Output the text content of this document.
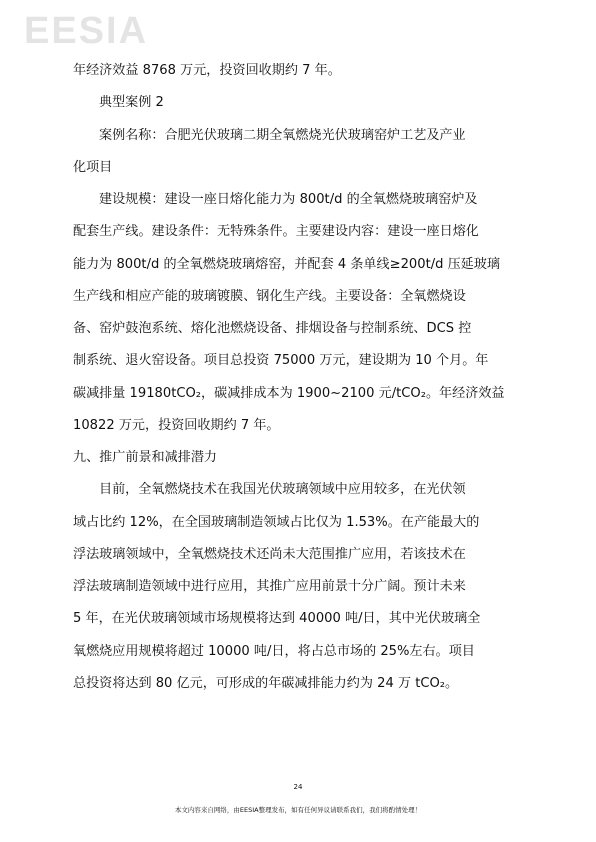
EESIA
年经济效益 8768 万元，投资回收期约 7 年。
典型案例 2
案例名称：合肥光伏玻璃二期全氧燃烧光伏玻璃窑炉工艺及产业
化项目
建设规模：建设一座日熔化能力为 800t/d 的全氧燃烧玻璃窑炉及
配套生产线。建设条件：无特殊条件。主要建设内容：建设一座日熔化
能力为 800t/d 的全氧燃烧玻璃熔窑，并配套 4 条单线≥200t/d 压延玻璃
生产线和相应产能的玻璃镀膜、钢化生产线。主要设备：全氧燃烧设
备、窑炉鼓泡系统、熔化池燃烧设备、排烟设备与控制系统、DCS 控
制系统、退火窑设备。项目总投资 75000 万元，建设期为 10 个月。年
碳减排量 19180tCO₂，碳减排成本为 1900~2100 元/tCO₂。年经济效益
10822 万元，投资回收期约 7 年。
九、推广前景和减排潜力
目前，全氧燃烧技术在我国光伏玻璃领域中应用较多，在光伏领
域占比约 12%，在全国玻璃制造领域占比仅为 1.53%。在产能最大的
浮法玻璃领域中，全氧燃烧技术还尚未大范围推广应用，若该技术在
浮法玻璃制造领域中进行应用，其推广应用前景十分广阔。预计未来
5 年，在光伏玻璃领域市场规模将达到 40000 吨/日，其中光伏玻璃全
氧燃烧应用规模将超过 10000 吨/日，将占总市场的 25%左右。项目
总投资将达到 80 亿元，可形成的年碳减排能力约为 24 万 tCO₂。
24
本文内容来自网络，由EESIA整理发布，如有任何异议请联系我们，我们将酌情处理！
